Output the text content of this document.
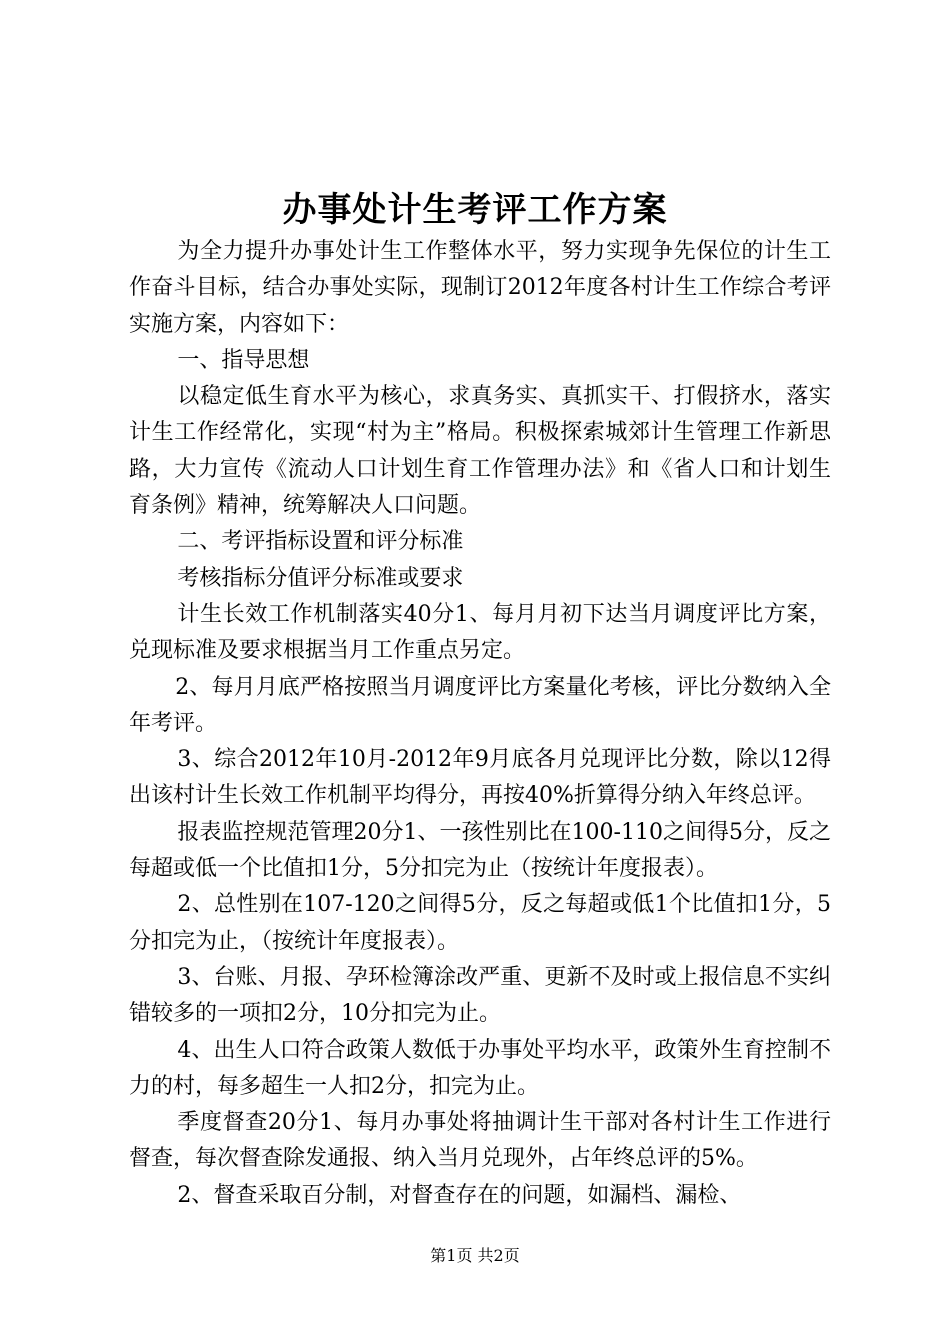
办事处计生考评工作方案

为全力提升办事处计生工作整体水平，努力实现争先保位的计生工作奋斗目标，结合办事处实际，现制订2012年度各村计生工作综合考评实施方案，内容如下：

一、指导思想

以稳定低生育水平为核心，求真务实、真抓实干、打假挤水，落实计生工作经常化，实现“村为主”格局。积极探索城郊计生管理工作新思路，大力宣传《流动人口计划生育工作管理办法》和《省人口和计划生育条例》精神，统筹解决人口问题。

二、考评指标设置和评分标准

考核指标分值评分标准或要求

计生长效工作机制落实40分1、每月月初下达当月调度评比方案，兑现标准及要求根据当月工作重点另定。

2、每月月底严格按照当月调度评比方案量化考核，评比分数纳入全年考评。

3、综合2012年10月-2012年9月底各月兑现评比分数，除以12得出该村计生长效工作机制平均得分，再按40%折算得分纳入年终总评。

报表监控规范管理20分1、一孩性别比在100-110之间得5分，反之每超或低一个比值扣1分，5分扣完为止（按统计年度报表）。

2、总性别在107-120之间得5分，反之每超或低1个比值扣1分，5分扣完为止，（按统计年度报表）。

3、台账、月报、孕环检簿涂改严重、更新不及时或上报信息不实纠错较多的一项扣2分，10分扣完为止。

4、出生人口符合政策人数低于办事处平均水平，政策外生育控制不力的村，每多超生一人扣2分，扣完为止。

季度督查20分1、每月办事处将抽调计生干部对各村计生工作进行督查，每次督查除发通报、纳入当月兑现外，占年终总评的5%。

2、督查采取百分制，对督查存在的问题，如漏档、漏检、

第1页 共2页
